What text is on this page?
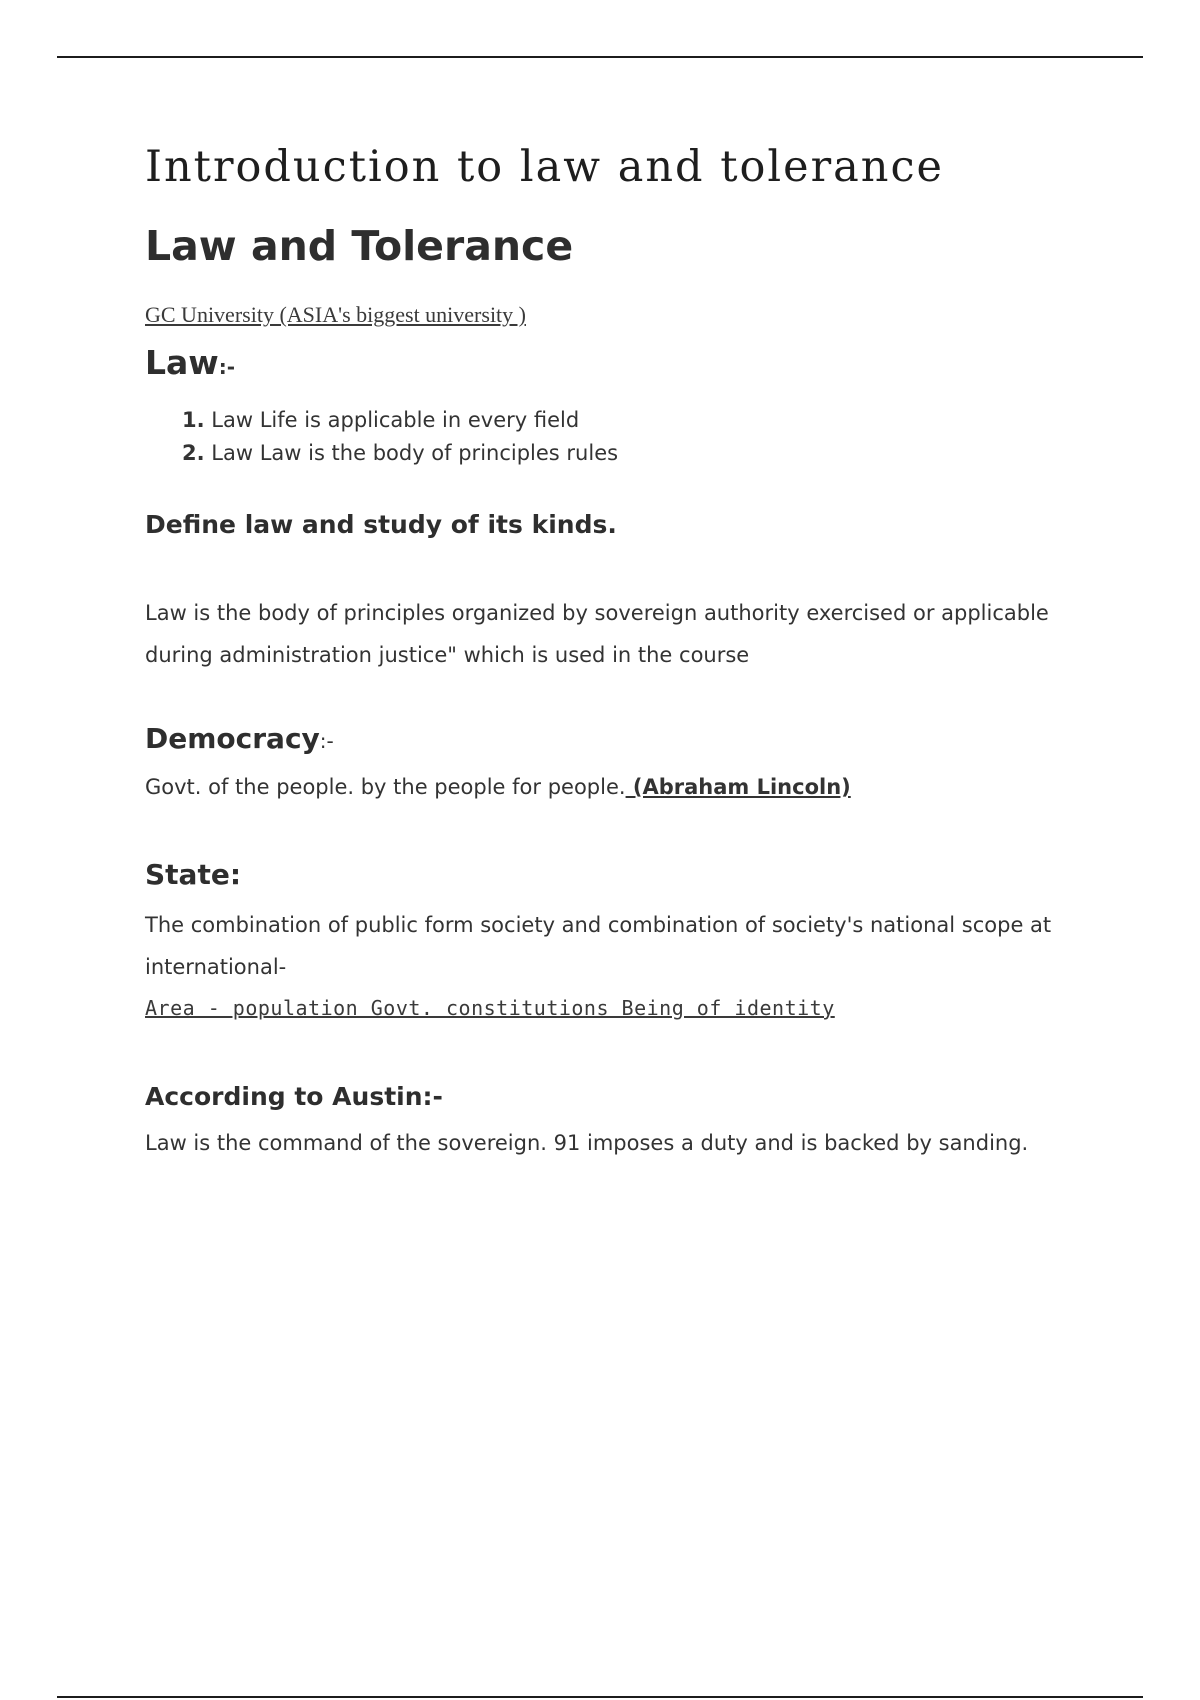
Introduction to law and tolerance
Law and Tolerance
GC University (ASIA's biggest university )
Law:-
1. Law Life is applicable in every field
2. Law Law is the body of principles rules
Define law and study of its kinds.

Law is the body of principles organized by sovereign authority exercised or applicable during administration justice" which is used in the course

Democracy:-

Govt. of the people. by the people for people. (Abraham Lincoln)

State:

The combination of public form society and combination of society's national scope at international-

Area - population Govt. constitutions Being of identity
According to Austin:-

Law is the command of the sovereign. 91 imposes a duty and is backed by sanding.
